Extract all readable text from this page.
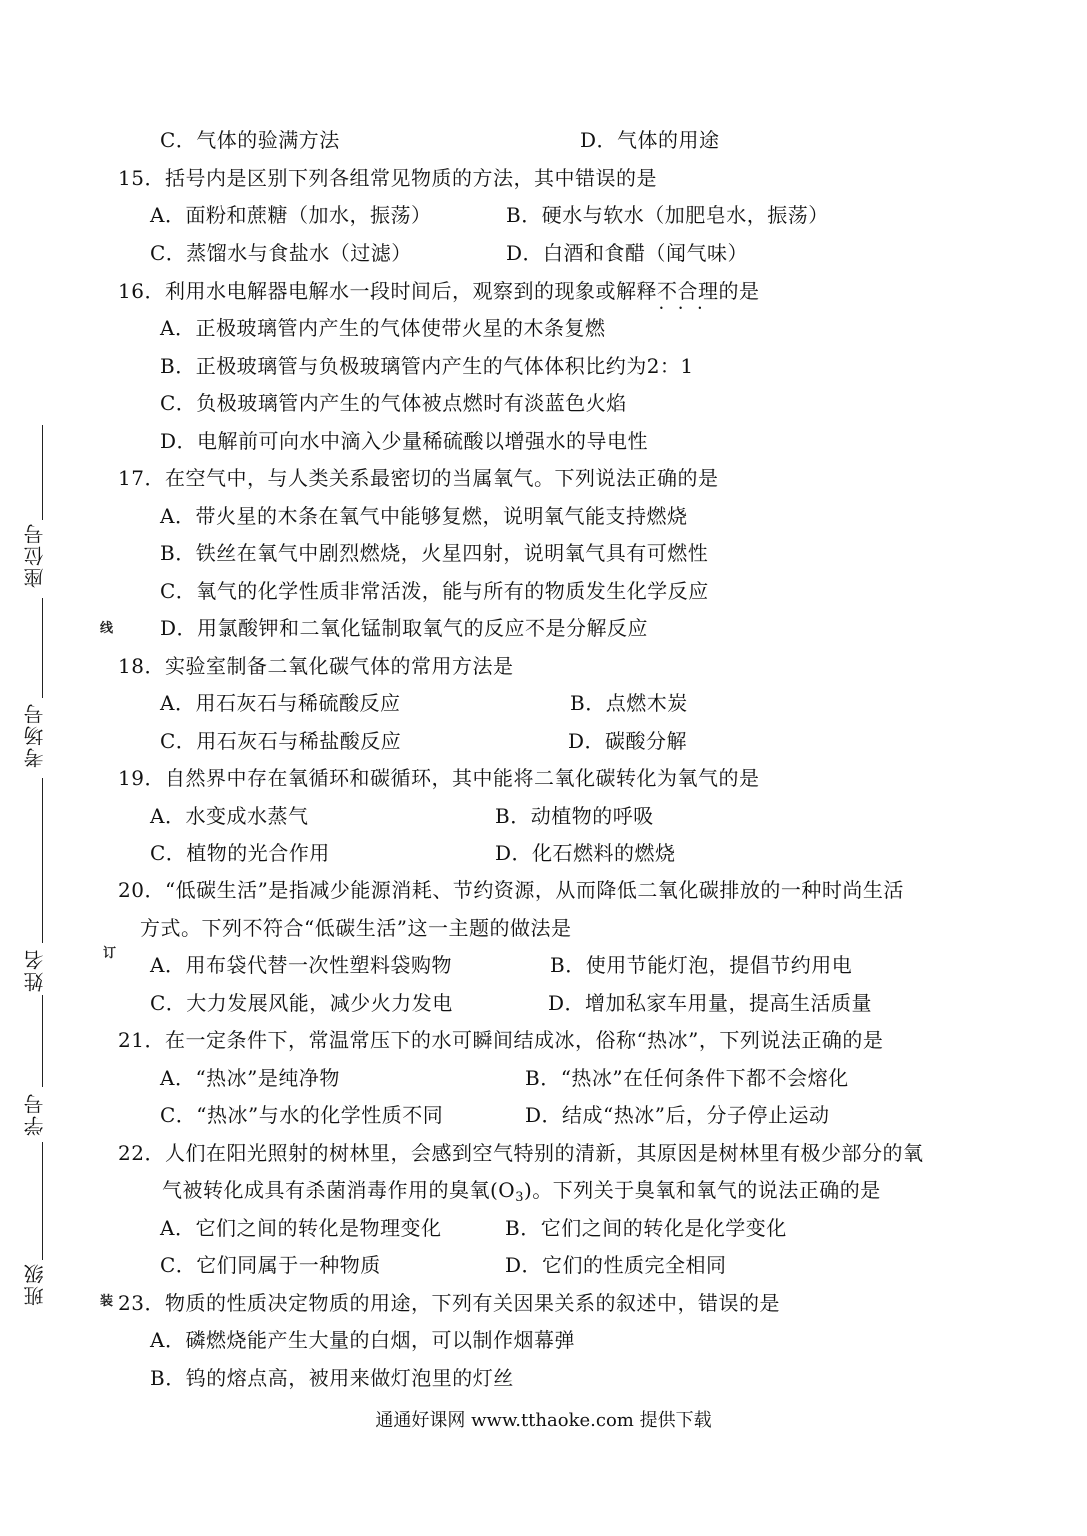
座位号
考场号
姓名
学号
班级
线
订
装
C．气体的验满方法	D．气体的用途
15．括号内是区别下列各组常见物质的方法，其中错误的是
A．面粉和蔗糖（加水，振荡）	B．硬水与软水（加肥皂水，振荡）
C．蒸馏水与食盐水（过滤）	D．白酒和食醋（闻气味）
16．利用水电解器电解水一段时间后，观察到的现象或解释不合理 • • •的是
A．正极玻璃管内产生的气体使带火星的木条复燃
B．正极玻璃管与负极玻璃管内产生的气体体积比约为2：1
C．负极玻璃管内产生的气体被点燃时有淡蓝色火焰
D．电解前可向水中滴入少量稀硫酸以增强水的导电性
17．在空气中，与人类关系最密切的当属氧气。下列说法正确的是
A．带火星的木条在氧气中能够复燃，说明氧气能支持燃烧
B．铁丝在氧气中剧烈燃烧，火星四射，说明氧气具有可燃性
C．氧气的化学性质非常活泼，能与所有的物质发生化学反应
D．用氯酸钾和二氧化锰制取氧气的反应不是分解反应
18．实验室制备二氧化碳气体的常用方法是
A．用石灰石与稀硫酸反应	B．点燃木炭
C．用石灰石与稀盐酸反应	D．碳酸分解
19．自然界中存在氧循环和碳循环，其中能将二氧化碳转化为氧气的是
A．水变成水蒸气	B．动植物的呼吸
C．植物的光合作用	D．化石燃料的燃烧
20．“低碳生活”是指减少能源消耗、节约资源，从而降低二氧化碳排放的一种时尚生活
方式。下列不符合“低碳生活”这一主题的做法是
A．用布袋代替一次性塑料袋购物	B．使用节能灯泡，提倡节约用电
C．大力发展风能，减少火力发电	D．增加私家车用量，提高生活质量
21．在一定条件下，常温常压下的水可瞬间结成冰，俗称“热冰”，下列说法正确的是
A．“热冰”是纯净物	B．“热冰”在任何条件下都不会熔化
C．“热冰”与水的化学性质不同	D．结成“热冰”后，分子停止运动
22．人们在阳光照射的树林里，会感到空气特别的清新，其原因是树林里有极少部分的氧
气被转化成具有杀菌消毒作用的臭氧$(O_3)$。下列关于臭氧和氧气的说法正确的是
A．它们之间的转化是物理变化	B．它们之间的转化是化学变化
C．它们同属于一种物质	D．它们的性质完全相同
23．物质的性质决定物质的用途，下列有关因果关系的叙述中，错误的是
A．磷燃烧能产生大量的白烟，可以制作烟幕弹
B．钨的熔点高，被用来做灯泡里的灯丝
通通好课网 www.tthaoke.com 提供下载
